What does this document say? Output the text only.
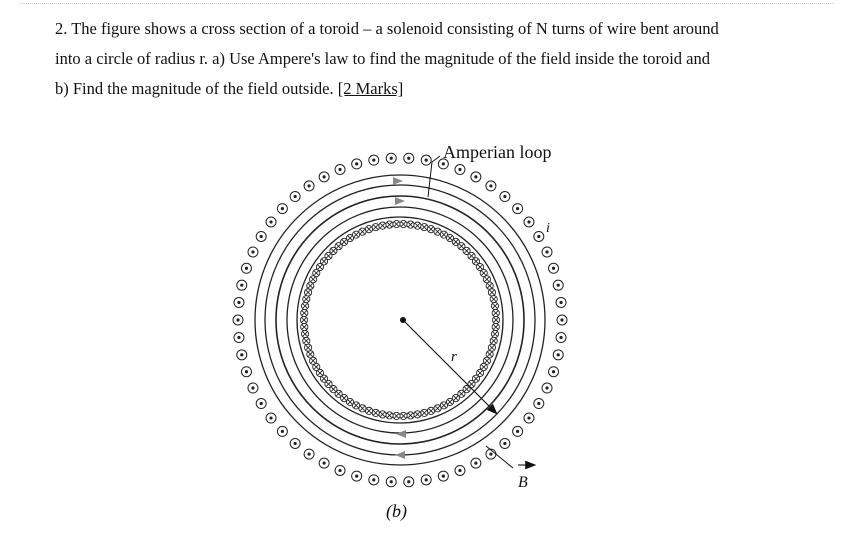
2. The figure shows a cross section of a toroid – a solenoid consisting of N turns of wire bent around

into a circle of radius r. a) Use Ampere's law to find the magnitude of the field inside the toroid and

b) Find the magnitude of the field outside. [2 Marks]

r
Amperian loop
i
B
(b)
